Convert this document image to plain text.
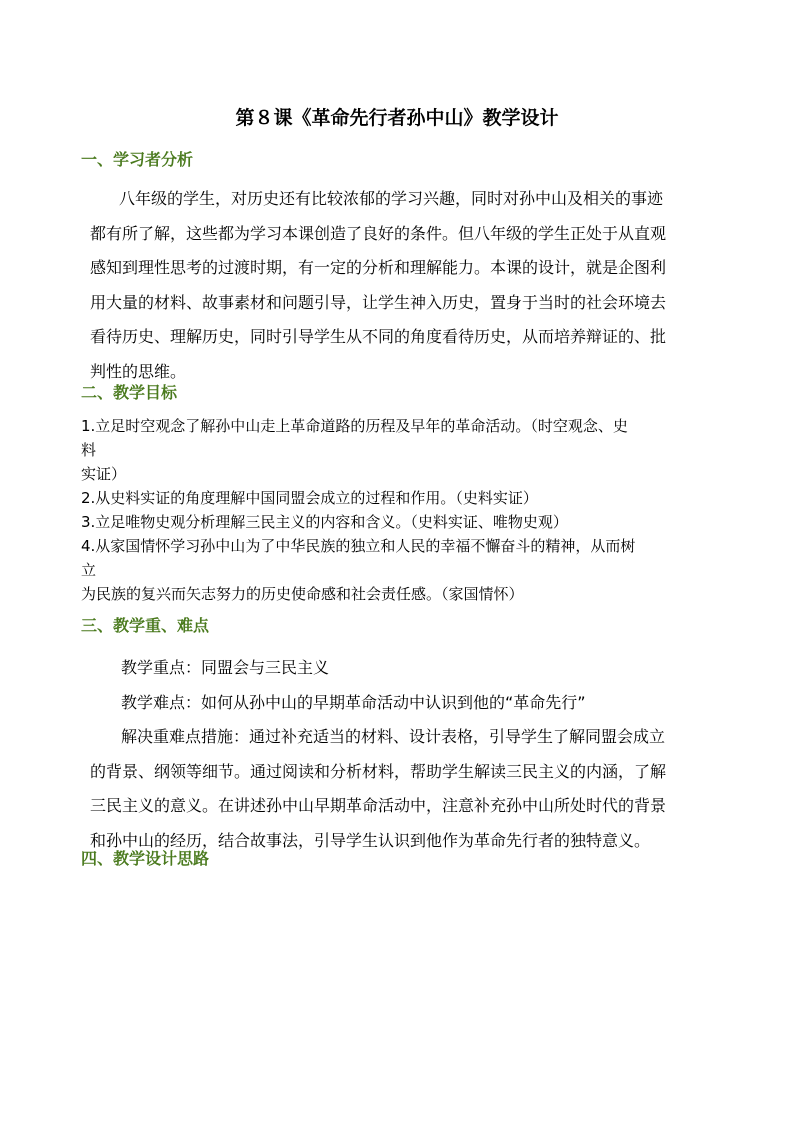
第８课《革命先行者孙中山》教学设计
一、学习者分析
八年级的学生，对历史还有比较浓郁的学习兴趣，同时对孙中山及相关的事迹
都有所了解，这些都为学习本课创造了良好的条件。但八年级的学生正处于从直观
感知到理性思考的过渡时期，有一定的分析和理解能力。本课的设计，就是企图利
用大量的材料、故事素材和问题引导，让学生神入历史，置身于当时的社会环境去
看待历史、理解历史，同时引导学生从不同的角度看待历史，从而培养辩证的、批
判性的思维。
二、教学目标
1.立足时空观念了解孙中山走上革命道路的历程及早年的革命活动。（时空观念、史
料
实证）
2.从史料实证的角度理解中国同盟会成立的过程和作用。（史料实证）
3.立足唯物史观分析理解三民主义的内容和含义。（史料实证、唯物史观）
4.从家国情怀学习孙中山为了中华民族的独立和人民的幸福不懈奋斗的精神，从而树
立
为民族的复兴而矢志努力的历史使命感和社会责任感。（家国情怀）
三、教学重、难点
教学重点：同盟会与三民主义
教学难点：如何从孙中山的早期革命活动中认识到他的“革命先行”
解决重难点措施：通过补充适当的材料、设计表格，引导学生了解同盟会成立
的背景、纲领等细节。通过阅读和分析材料，帮助学生解读三民主义的内涵，了解
三民主义的意义。在讲述孙中山早期革命活动中，注意补充孙中山所处时代的背景
和孙中山的经历，结合故事法，引导学生认识到他作为革命先行者的独特意义。
四、教学设计思路
